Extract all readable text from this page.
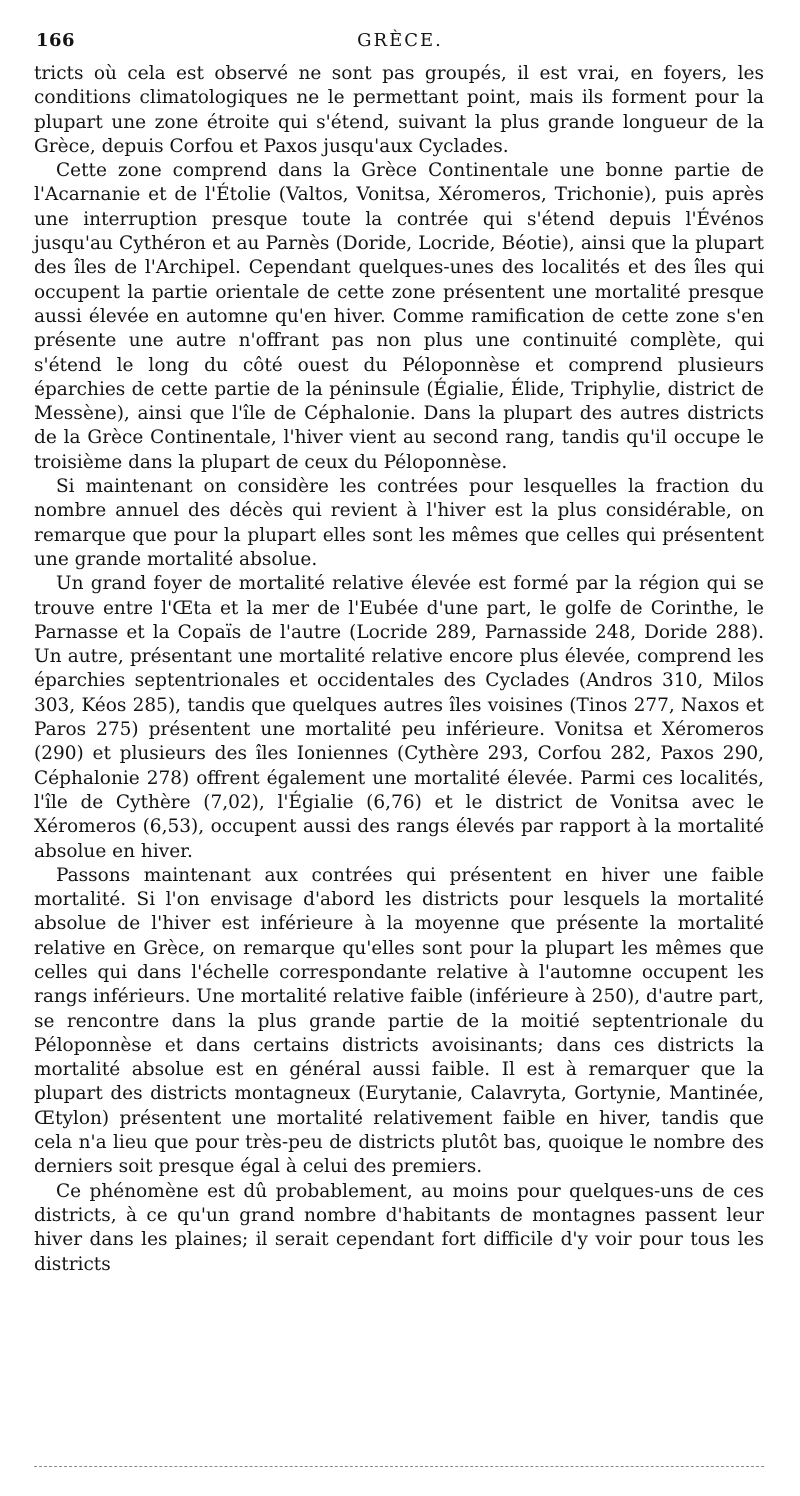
166	GRÈCE.

tricts où cela est observé ne sont pas groupés, il est vrai, en foyers, les conditions climatologiques ne le permettant point, mais ils forment pour la plupart une zone étroite qui s'étend, suivant la plus grande longueur de la Grèce, depuis Corfou et Paxos jusqu'aux Cyclades.

Cette zone comprend dans la Grèce Continentale une bonne partie de l'Acarnanie et de l'Étolie (Valtos, Vonitsa, Xéromeros, Trichonie), puis après une interruption presque toute la contrée qui s'étend depuis l'Événos jusqu'au Cythéron et au Parnès (Doride, Locride, Béotie), ainsi que la plupart des îles de l'Archipel. Cependant quelques-unes des localités et des îles qui occupent la partie orientale de cette zone présentent une mortalité presque aussi élevée en automne qu'en hiver. Comme ramification de cette zone s'en présente une autre n'offrant pas non plus une continuité complète, qui s'étend le long du côté ouest du Péloponnèse et comprend plusieurs éparchies de cette partie de la péninsule (Égialie, Élide, Triphylie, district de Messène), ainsi que l'île de Céphalonie. Dans la plupart des autres districts de la Grèce Continentale, l'hiver vient au second rang, tandis qu'il occupe le troisième dans la plupart de ceux du Péloponnèse.

Si maintenant on considère les contrées pour lesquelles la fraction du nombre annuel des décès qui revient à l'hiver est la plus considérable, on remarque que pour la plupart elles sont les mêmes que celles qui présentent une grande mortalité absolue.

Un grand foyer de mortalité relative élevée est formé par la région qui se trouve entre l'Œta et la mer de l'Eubée d'une part, le golfe de Corinthe, le Parnasse et la Copaïs de l'autre (Locride 289, Parnasside 248, Doride 288). Un autre, présentant une mortalité relative encore plus élevée, comprend les éparchies septentrionales et occidentales des Cyclades (Andros 310, Milos 303, Kéos 285), tandis que quelques autres îles voisines (Tinos 277, Naxos et Paros 275) présentent une mortalité peu inférieure. Vonitsa et Xéromeros (290) et plusieurs des îles Ioniennes (Cythère 293, Corfou 282, Paxos 290, Céphalonie 278) offrent également une mortalité élevée. Parmi ces localités, l'île de Cythère (7,02), l'Égialie (6,76) et le district de Vonitsa avec le Xéromeros (6,53), occupent aussi des rangs élevés par rapport à la mortalité absolue en hiver.

Passons maintenant aux contrées qui présentent en hiver une faible mortalité. Si l'on envisage d'abord les districts pour lesquels la mortalité absolue de l'hiver est inférieure à la moyenne que présente la mortalité relative en Grèce, on remarque qu'elles sont pour la plupart les mêmes que celles qui dans l'échelle correspondante relative à l'automne occupent les rangs inférieurs. Une mortalité relative faible (inférieure à 250), d'autre part, se rencontre dans la plus grande partie de la moitié septentrionale du Péloponnèse et dans certains districts avoisinants; dans ces districts la mortalité absolue est en général aussi faible. Il est à remarquer que la plupart des districts montagneux (Eurytanie, Calavryta, Gortynie, Mantinée, Œtylon) présentent une mortalité relativement faible en hiver, tandis que cela n'a lieu que pour très-peu de districts plutôt bas, quoique le nombre des derniers soit presque égal à celui des premiers.

Ce phénomène est dû probablement, au moins pour quelques-uns de ces districts, à ce qu'un grand nombre d'habitants de montagnes passent leur hiver dans les plaines; il serait cependant fort difficile d'y voir pour tous les districts
